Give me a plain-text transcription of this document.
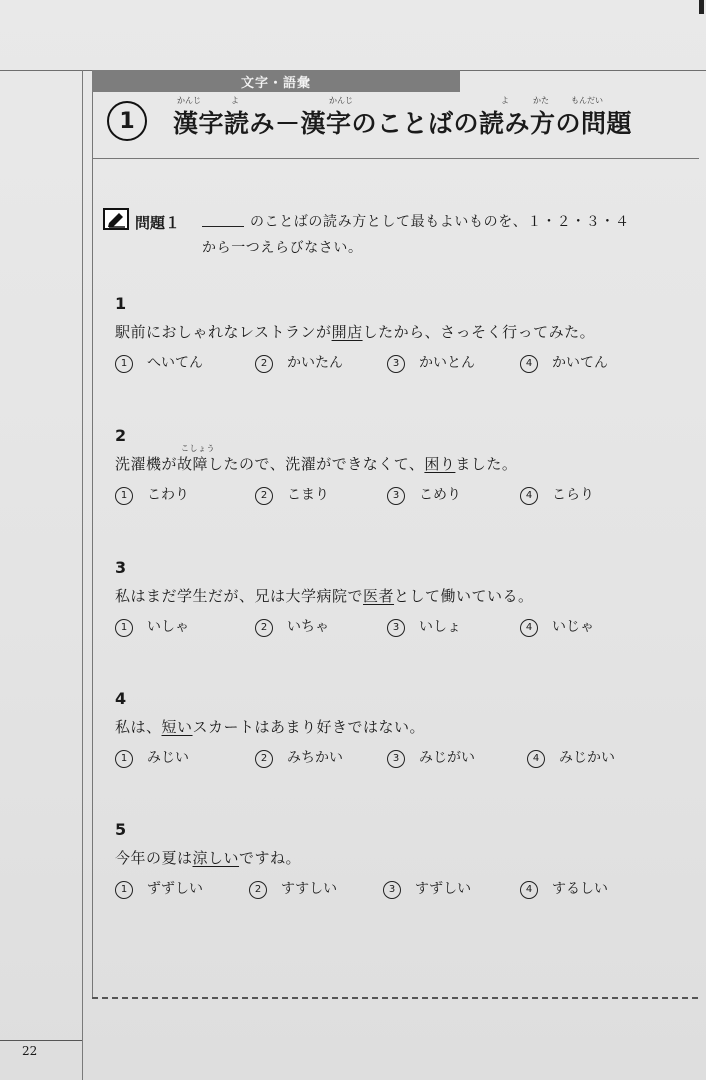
文字・語彙
1	漢字読み－漢字のことばの読み方の問題
かんじ	よ	かんじ	よ	かた	もんだい
問題１	のことばの読み方として最もよいものを、１・２・３・４
から一つえらびなさい。
1
駅前におしゃれなレストランが開店したから、さっそく行ってみた。
1 へいてん	2 かいたん	3 かいとん	4 かいてん
2
こしょう
洗濯機が故障したので、洗濯ができなくて、困りました。
1 こわり	2 こまり	3 こめり	4 こらり
3
私はまだ学生だが、兄は大学病院で医者として働いている。
1 いしゃ	2 いちゃ	3 いしょ	4 いじゃ
4
私は、短いスカートはあまり好きではない。
1 みじい	2 みちかい	3 みじがい	4 みじかい
5
今年の夏は涼しいですね。
1 ずずしい	2 すすしい	3 すずしい	4 するしい
22
